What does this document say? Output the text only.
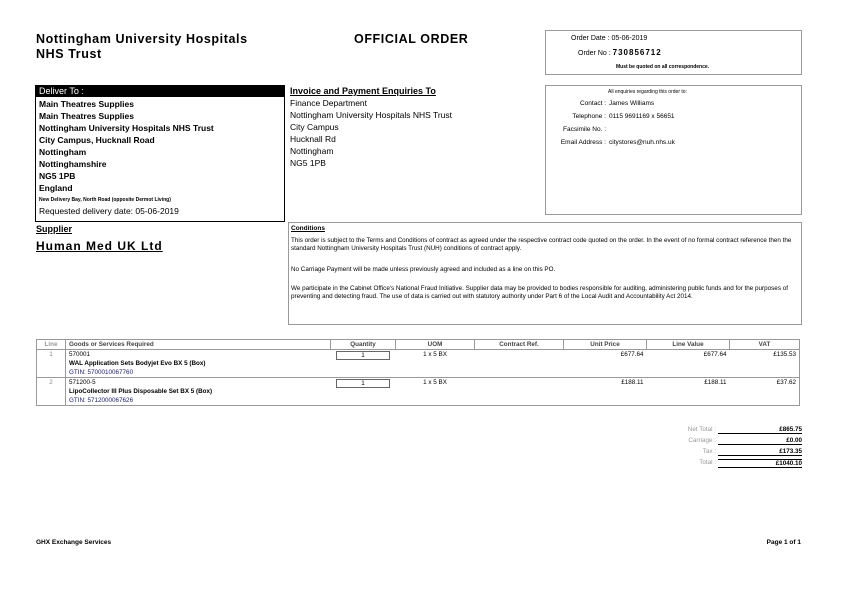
Nottingham University Hospitals
NHS Trust
OFFICIAL ORDER	Order Date : 05-06-2019
Order No : 730856712
Must be quoted on all correspondence.
Deliver To :
Main Theatres Supplies
Main Theatres Supplies
Nottingham University Hospitals NHS Trust
City Campus, Hucknall Road
Nottingham
Nottinghamshire
NG5 1PB
England
New Delivery Bay, North Road (opposite Dermot Living)
Requested delivery date: 05-06-2019
Invoice and Payment Enquiries To
Finance Department
Nottingham University Hospitals NHS Trust
City Campus
Hucknall Rd
Nottingham
NG5 1PB
All enquiries regarding this order to:
Contact : James Williams
Telephone : 0115 9691169 x 56651
Facsimile No. :
Email Address : citystores@nuh.nhs.uk
Supplier
Human Med UK Ltd
Conditions
This order is subject to the Terms and Conditions of contract as agreed under the respective contract code quoted on the order. In the event of no formal contract reference then the standard Nottingham University Hospitals Trust (NUH) conditions of contract apply.
No Carriage Payment will be made unless previously agreed and included as a line on this PO.
We participate in the Cabinet Office's National Fraud Initiative. Supplier data may be provided to bodies responsible for auditing, administering public funds and for the purposes of preventing and detecting fraud. The use of data is carried out with statutory authority under Part 6 of the Local Audit and Accountability Act 2014.
Line	Goods or Services Required	Quantity	UOM	Contract Ref.	Unit Price	Line Value	VAT
1	570001
WAL Application Sets Bodyjet Evo BX 5 (Box)
GTIN: 5700010067760	1	1 x 5 BX		£677.64	£677.64	£135.53
2	571200-5
LipoCollector III Plus Disposable Set BX 5 (Box)
GTIN: 5712000067626	1	1 x 5 BX		£188.11	£188.11	£37.62
Net Total :	£865.75
Carriage :	£0.00
Tax :	£173.35
Total :	£1040.10
GHX Exchange Services	Page 1 of 1
